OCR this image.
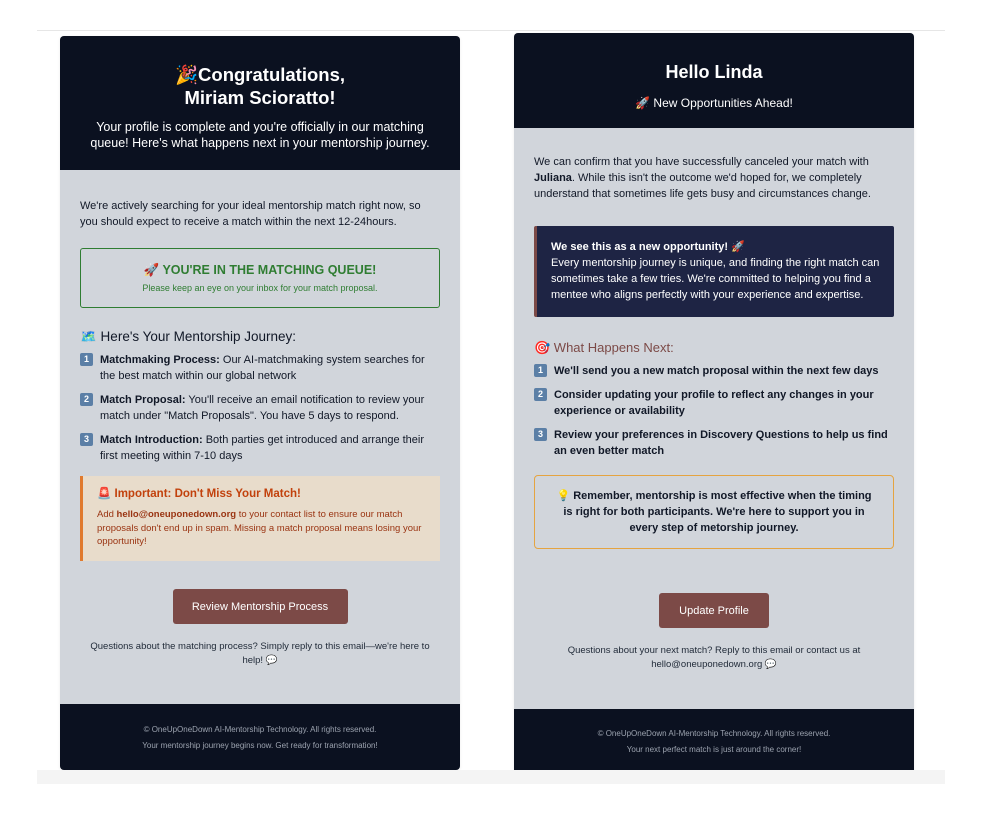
🎉Congratulations,
Miriam Scioratto!
Your profile is complete and you're officially in our matching queue! Here's what happens next in your mentorship journey.

We're actively searching for your ideal mentorship match right now, so you should expect to receive a match within the next 12-24hours.

🚀 YOU'RE IN THE MATCHING QUEUE!
Please keep an eye on your inbox for your match proposal.
🗺️ Here's Your Mentorship Journey:
1	Matchmaking Process: Our AI-matchmaking system searches for the best match within our global network
2	Match Proposal: You'll receive an email notification to review your match under "Match Proposals". You have 5 days to respond.
3	Match Introduction: Both parties get introduced and arrange their first meeting within 7-10 days
🚨 Important: Don't Miss Your Match!
Add hello@oneuponedown.org to your contact list to ensure our match proposals don't end up in spam. Missing a match proposal means losing your opportunity!
Review Mentorship Process
Questions about the matching process? Simply reply to this email—we're here to help! 💬
© OneUpOneDown AI-Mentorship Technology. All rights reserved.
Your mentorship journey begins now. Get ready for transformation!
Hello Linda
🚀 New Opportunities Ahead!

We can confirm that you have successfully canceled your match with Juliana. While this isn't the outcome we'd hoped for, we completely understand that sometimes life gets busy and circumstances change.

We see this as a new opportunity! 🚀
Every mentorship journey is unique, and finding the right match can sometimes take a few tries. We're committed to helping you find a mentee who aligns perfectly with your experience and expertise.
🎯 What Happens Next:
1	We'll send you a new match proposal within the next few days
2	Consider updating your profile to reflect any changes in your experience or availability
3	Review your preferences in Discovery Questions to help us find an even better match
💡 Remember, mentorship is most effective when the timing is right for both participants. We're here to support you in every step of metorship journey.
Update Profile
Questions about your next match? Reply to this email or contact us at hello@oneuponedown.org 💬
© OneUpOneDown AI-Mentorship Technology. All rights reserved.
Your next perfect match is just around the corner!
